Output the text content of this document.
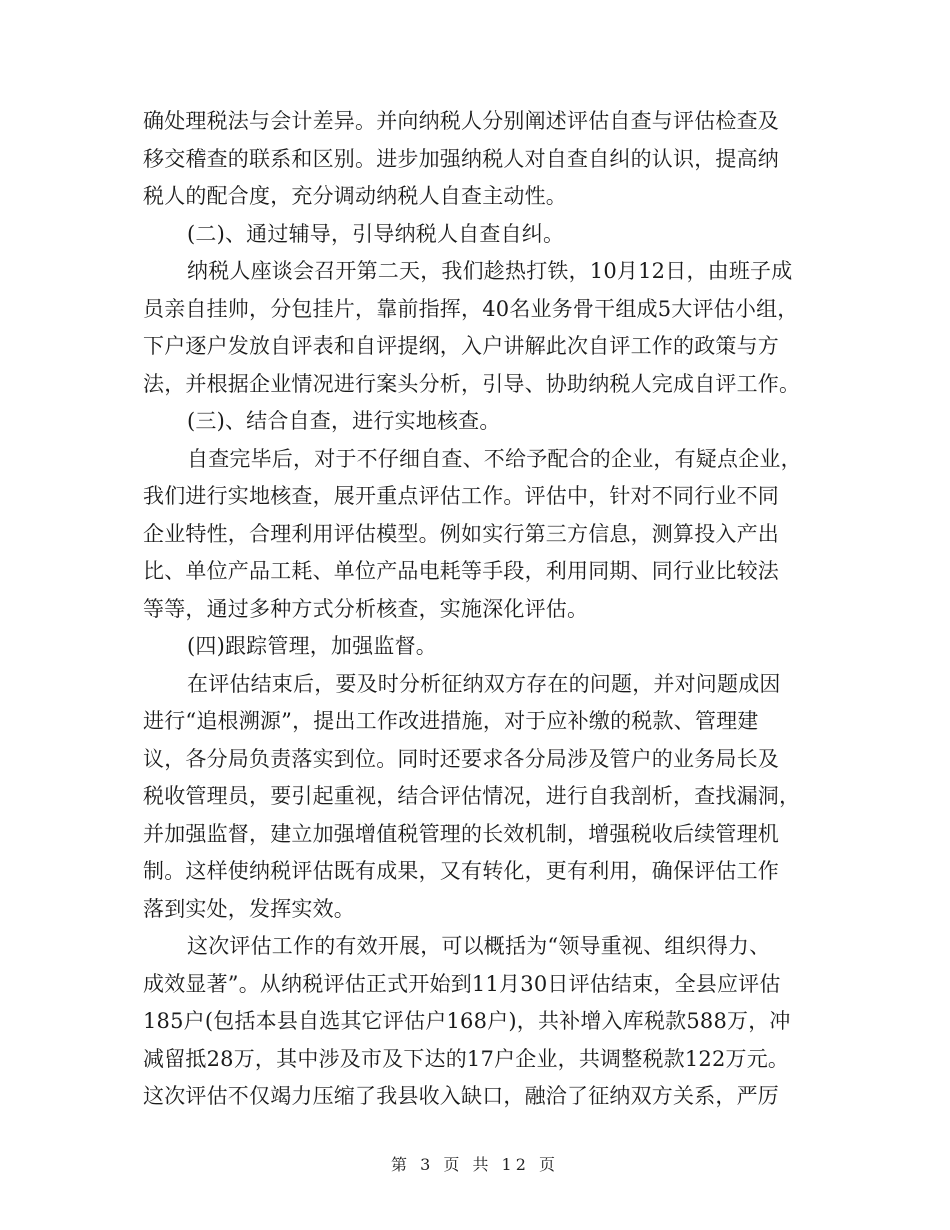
确处理税法与会计差异。并向纳税人分别阐述评估自查与评估检查及
移交稽查的联系和区别。进步加强纳税人对自查自纠的认识，提高纳
税人的配合度，充分调动纳税人自查主动性。
(二)、通过辅导，引导纳税人自查自纠。
纳税人座谈会召开第二天，我们趁热打铁，10月12日，由班子成
员亲自挂帅，分包挂片，靠前指挥，40名业务骨干组成5大评估小组，
下户逐户发放自评表和自评提纲，入户讲解此次自评工作的政策与方
法，并根据企业情况进行案头分析，引导、协助纳税人完成自评工作。
(三)、结合自查，进行实地核查。
自查完毕后，对于不仔细自查、不给予配合的企业，有疑点企业，
我们进行实地核查，展开重点评估工作。评估中，针对不同行业不同
企业特性，合理利用评估模型。例如实行第三方信息，测算投入产出
比、单位产品工耗、单位产品电耗等手段，利用同期、同行业比较法
等等，通过多种方式分析核查，实施深化评估。
(四)跟踪管理，加强监督。
在评估结束后，要及时分析征纳双方存在的问题，并对问题成因
进行“追根溯源”，提出工作改进措施，对于应补缴的税款、管理建
议，各分局负责落实到位。同时还要求各分局涉及管户的业务局长及
税收管理员，要引起重视，结合评估情况，进行自我剖析，查找漏洞，
并加强监督，建立加强增值税管理的长效机制，增强税收后续管理机
制。这样使纳税评估既有成果，又有转化，更有利用，确保评估工作
落到实处，发挥实效。
这次评估工作的有效开展，可以概括为“领导重视、组织得力、
成效显著”。从纳税评估正式开始到11月30日评估结束，全县应评估
185户(包括本县自选其它评估户168户)，共补增入库税款588万，冲
减留抵28万，其中涉及市及下达的17户企业，共调整税款122万元。
这次评估不仅竭力压缩了我县收入缺口，融洽了征纳双方关系，严厉
第 3 页 共 12 页
